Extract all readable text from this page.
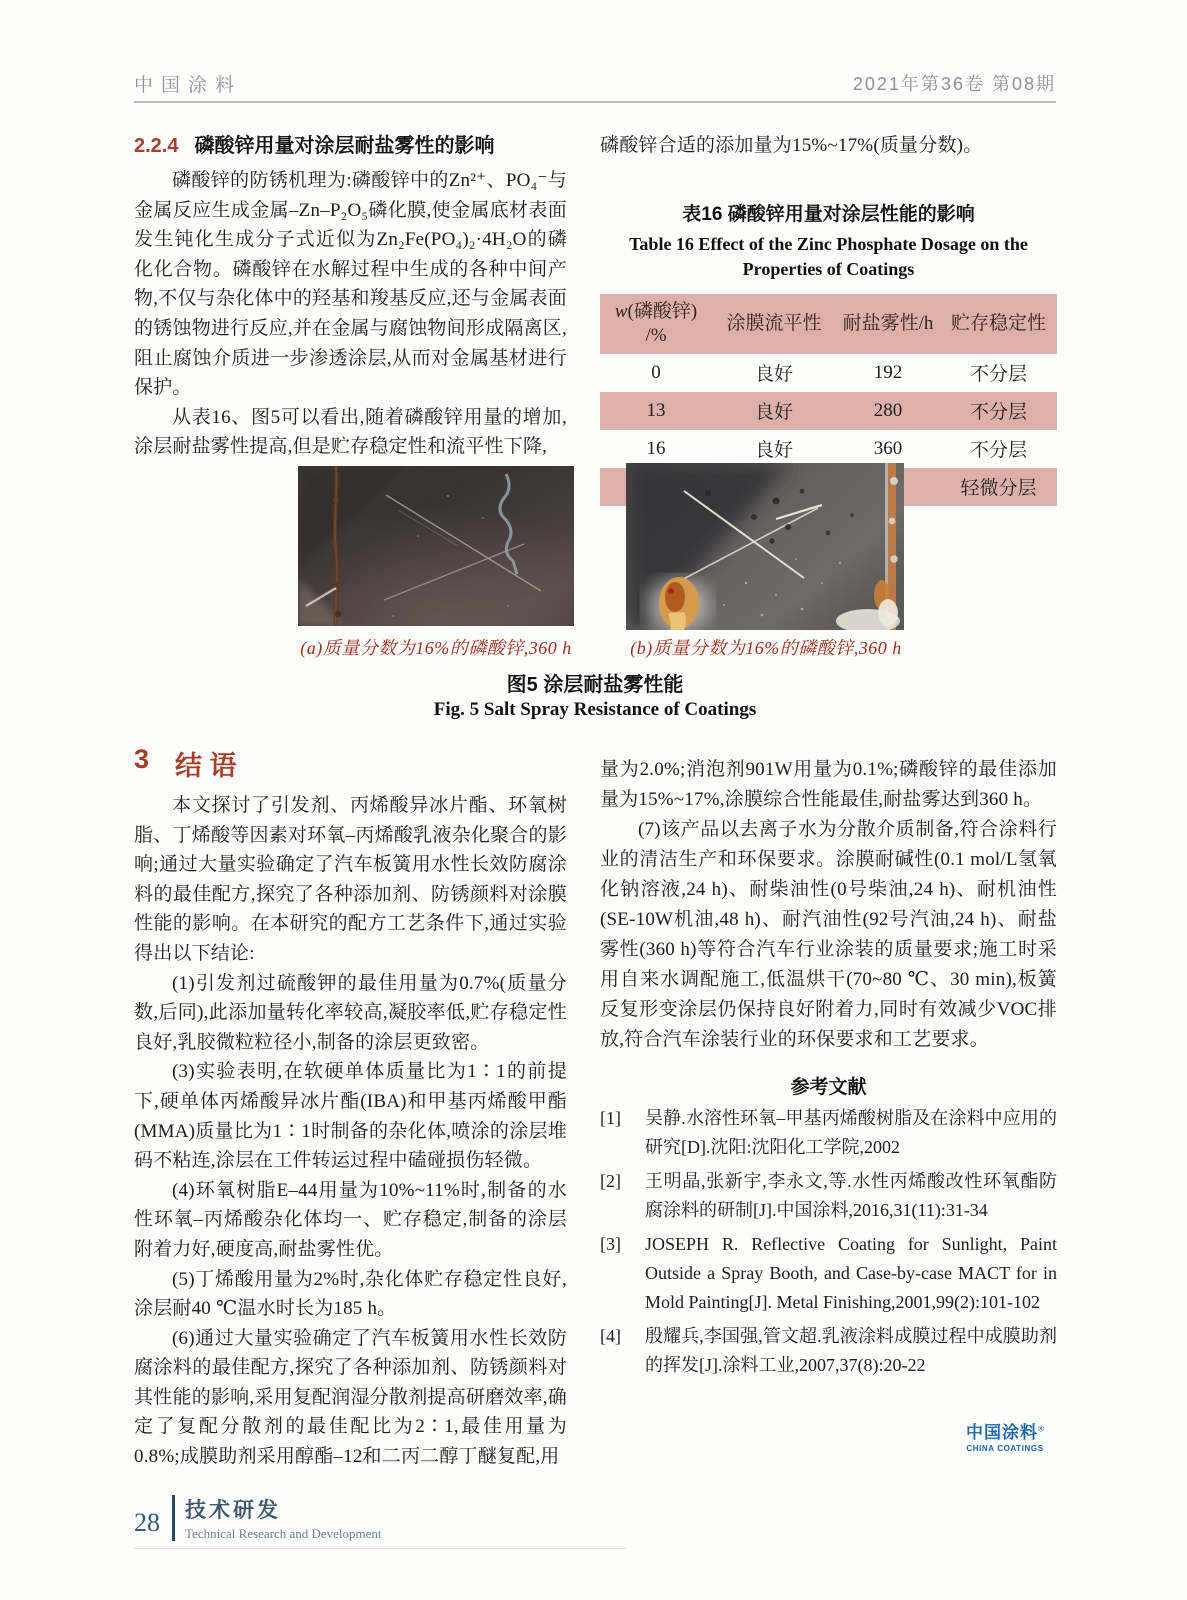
中国涂料	2021年第36卷 第08期
2.2.4 磷酸锌用量对涂层耐盐雾性的影响

磷酸锌的防锈机理为:磷酸锌中的Zn²⁺、PO₄⁻与金属反应生成金属–Zn–P₂O₅磷化膜,使金属底材表面发生钝化生成分子式近似为Zn₂Fe(PO₄)₂·4H₂O的磷化化合物。磷酸锌在水解过程中生成的各种中间产物,不仅与杂化体中的羟基和羧基反应,还与金属表面的锈蚀物进行反应,并在金属与腐蚀物间形成隔离区,阻止腐蚀介质进一步渗透涂层,从而对金属基材进行保护。

从表16、图5可以看出,随着磷酸锌用量的增加,涂层耐盐雾性提高,但是贮存稳定性和流平性下降,

磷酸锌合适的添加量为15%~17%(质量分数)。

表16 磷酸锌用量对涂层性能的影响
Table 16 Effect of the Zinc Phosphate Dosage on the
Properties of Coatings
w(磷酸锌)
/%	涂膜流平性	耐盐雾性/h	贮存稳定性
0	良好	192	不分层
13	良好	280	不分层
16	良好	360	不分层
			轻微分层
(a)质量分数为16%的磷酸锌,360 h	(b)质量分数为16%的磷酸锌,360 h
图5 涂层耐盐雾性能
Fig. 5 Salt Spray Resistance of Coatings
3 结 语

本文探讨了引发剂、丙烯酸异冰片酯、环氧树脂、丁烯酸等因素对环氧–丙烯酸乳液杂化聚合的影响;通过大量实验确定了汽车板簧用水性长效防腐涂料的最佳配方,探究了各种添加剂、防锈颜料对涂膜性能的影响。在本研究的配方工艺条件下,通过实验得出以下结论:

(1)引发剂过硫酸钾的最佳用量为0.7%(质量分数,后同),此添加量转化率较高,凝胶率低,贮存稳定性良好,乳胶微粒粒径小,制备的涂层更致密。

(3)实验表明,在软硬单体质量比为1∶1的前提下,硬单体丙烯酸异冰片酯(IBA)和甲基丙烯酸甲酯(MMA)质量比为1∶1时制备的杂化体,喷涂的涂层堆码不粘连,涂层在工件转运过程中磕碰损伤轻微。

(4)环氧树脂E–44用量为10%~11%时,制备的水性环氧–丙烯酸杂化体均一、贮存稳定,制备的涂层附着力好,硬度高,耐盐雾性优。

(5)丁烯酸用量为2%时,杂化体贮存稳定性良好,涂层耐40 ℃温水时长为185 h。

(6)通过大量实验确定了汽车板簧用水性长效防腐涂料的最佳配方,探究了各种添加剂、防锈颜料对其性能的影响,采用复配润湿分散剂提高研磨效率,确定了复配分散剂的最佳配比为2∶1,最佳用量为0.8%;成膜助剂采用醇酯–12和二丙二醇丁醚复配,用

量为2.0%;消泡剂901W用量为0.1%;磷酸锌的最佳添加量为15%~17%,涂膜综合性能最佳,耐盐雾达到360 h。

(7)该产品以去离子水为分散介质制备,符合涂料行业的清洁生产和环保要求。涂膜耐碱性(0.1 mol/L氢氧化钠溶液,24 h)、耐柴油性(0号柴油,24 h)、耐机油性(SE-10W机油,48 h)、耐汽油性(92号汽油,24 h)、耐盐雾性(360 h)等符合汽车行业涂装的质量要求;施工时采用自来水调配施工,低温烘干(70~80 ℃、30 min),板簧反复形变涂层仍保持良好附着力,同时有效减少VOC排放,符合汽车涂装行业的环保要求和工艺要求。

参考文献
[1]	吴静.水溶性环氧–甲基丙烯酸树脂及在涂料中应用的研究[D].沈阳:沈阳化工学院,2002
[2]	王明晶,张新宇,李永文,等.水性丙烯酸改性环氧酯防腐涂料的研制[J].中国涂料,2016,31(11):31-34
[3]	JOSEPH R. Reflective Coating for Sunlight, Paint Outside a Spray Booth, and Case-by-case MACT for in Mold Painting[J]. Metal Finishing,2001,99(2):101-102
[4]	殷耀兵,李国强,管文超.乳液涂料成膜过程中成膜助剂的挥发[J].涂料工业,2007,37(8):20-22
中国涂料®
CHINA COATINGS
28 技术研发
Technical Research and Development
